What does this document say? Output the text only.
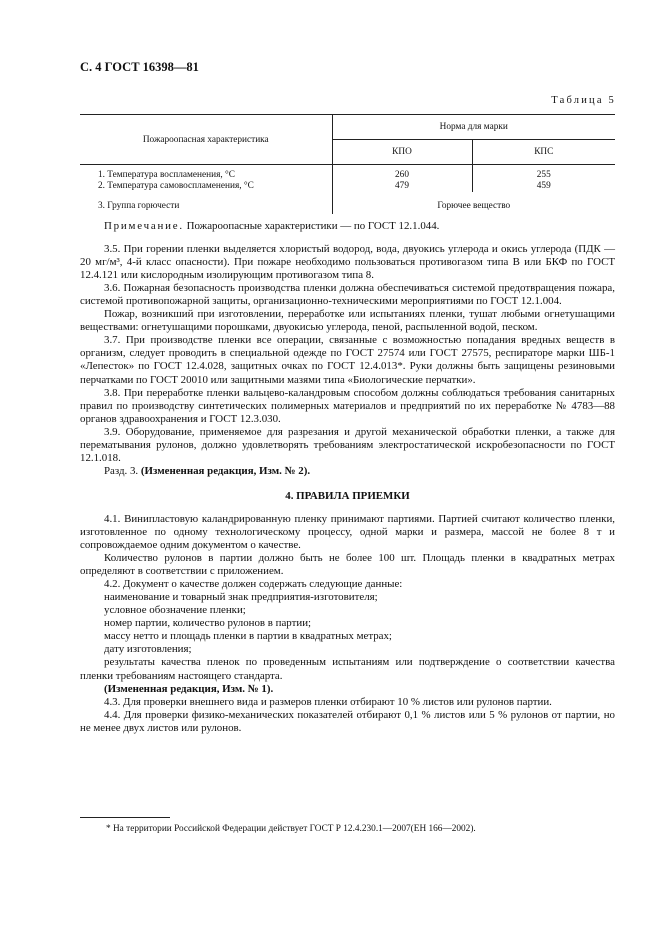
С. 4 ГОСТ 16398—81
Таблица 5
Пожароопасная характеристика	Норма для марки	
	КПО	КПС
1. Температура воспламенения, °С	260	255
2. Температура самовоспламенения, °С	479	459
3. Группа горючести	Горючее вещество	

Примечание. Пожароопасные характеристики — по ГОСТ 12.1.044.

3.5. При горении пленки выделяется хлористый водород, вода, двуокись углерода и окись углерода (ПДК — 20 мг/м³, 4-й класс опасности). При пожаре необходимо пользоваться противогазом типа В или БКФ по ГОСТ 12.4.121 или кислородным изолирующим противогазом типа 8.

3.6. Пожарная безопасность производства пленки должна обеспечиваться системой предотвращения пожара, системой противопожарной защиты, организационно-техническими мероприятиями по ГОСТ 12.1.004.

Пожар, возникший при изготовлении, переработке или испытаниях пленки, тушат любыми огнетушащими веществами: огнетушащими порошками, двуокисью углерода, пеной, распыленной водой, песком.

3.7. При производстве пленки все операции, связанные с возможностью попадания вредных веществ в организм, следует проводить в специальной одежде по ГОСТ 27574 или ГОСТ 27575, респираторе марки ШБ-1 «Лепесток» по ГОСТ 12.4.028, защитных очках по ГОСТ 12.4.013*. Руки должны быть защищены резиновыми перчатками по ГОСТ 20010 или защитными мазями типа «Биологические перчатки».

3.8. При переработке пленки вальцево-каландровым способом должны соблюдаться требования санитарных правил по производству синтетических полимерных материалов и предприятий по их переработке № 4783—88 органов здравоохранения и ГОСТ 12.3.030.

3.9. Оборудование, применяемое для разрезания и другой механической обработки пленки, а также для перематывания рулонов, должно удовлетворять требованиям электростатической искробезопасности по ГОСТ 12.1.018.

Разд. 3. (Измененная редакция, Изм. № 2).

4. ПРАВИЛА ПРИЕМКИ

4.1. Винипластовую каландрированную пленку принимают партиями. Партией считают количество пленки, изготовленное по одному технологическому процессу, одной марки и размера, массой не более 8 т и сопровождаемое одним документом о качестве.

Количество рулонов в партии должно быть не более 100 шт. Площадь пленки в квадратных метрах определяют в соответствии с приложением.

4.2. Документ о качестве должен содержать следующие данные:

наименование и товарный знак предприятия-изготовителя;

условное обозначение пленки;

номер партии, количество рулонов в партии;

массу нетто и площадь пленки в партии в квадратных метрах;

дату изготовления;

результаты качества пленок по проведенным испытаниям или подтверждение о соответствии качества пленки требованиям настоящего стандарта.

(Измененная редакция, Изм. № 1).

4.3. Для проверки внешнего вида и размеров пленки отбирают 10 % листов или рулонов партии.

4.4. Для проверки физико-механических показателей отбирают 0,1 % листов или 5 % рулонов от партии, но не менее двух листов или рулонов.

* На территории Российской Федерации действует ГОСТ Р 12.4.230.1—2007(ЕН 166—2002).
